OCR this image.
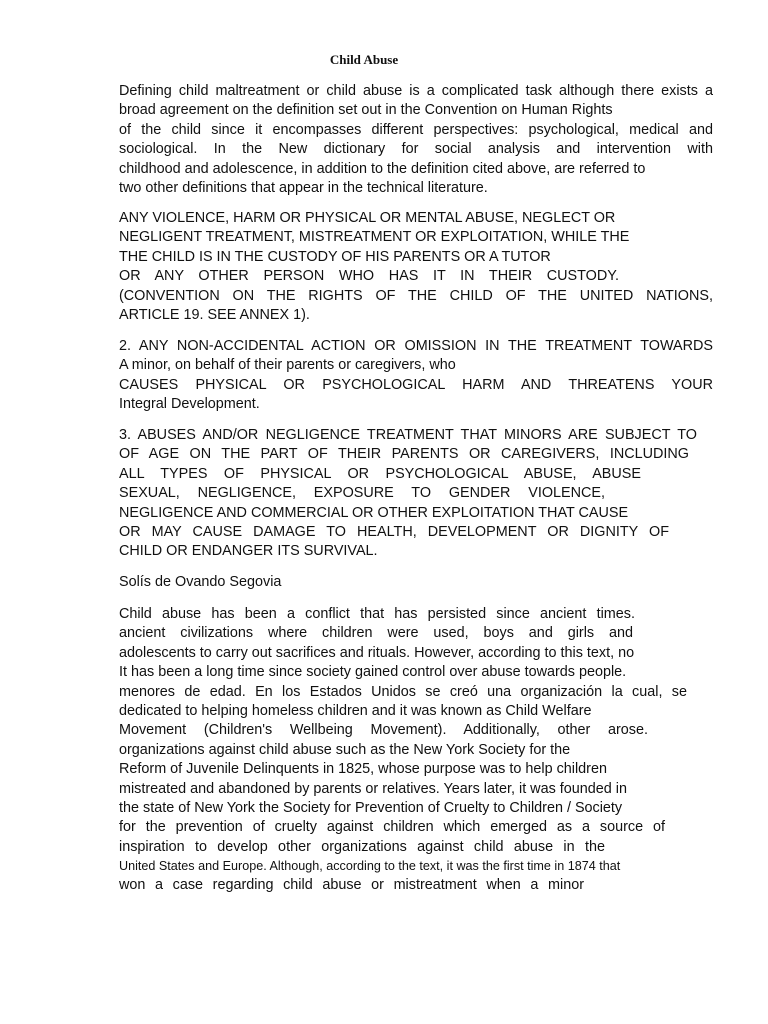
Child Abuse
Defining child maltreatment or child abuse is a complicated task although there exists a
broad agreement on the definition set out in the Convention on Human Rights
of the child since it encompasses different perspectives: psychological, medical and
sociological. In the New dictionary for social analysis and intervention with
childhood and adolescence, in addition to the definition cited above, are referred to
two other definitions that appear in the technical literature.
ANY VIOLENCE, HARM OR PHYSICAL OR MENTAL ABUSE, NEGLECT OR
NEGLIGENT TREATMENT, MISTREATMENT OR EXPLOITATION, WHILE THE
THE CHILD IS IN THE CUSTODY OF HIS PARENTS OR A TUTOR
OR ANY OTHER PERSON WHO HAS IT IN THEIR CUSTODY.
(CONVENTION ON THE RIGHTS OF THE CHILD OF THE UNITED NATIONS,
ARTICLE 19. SEE ANNEX 1).
2. ANY NON-ACCIDENTAL ACTION OR OMISSION IN THE TREATMENT TOWARDS
A minor, on behalf of their parents or caregivers, who
CAUSES PHYSICAL OR PSYCHOLOGICAL HARM AND THREATENS YOUR
Integral Development.
3. ABUSES AND/OR NEGLIGENCE TREATMENT THAT MINORS ARE SUBJECT TO
OF AGE ON THE PART OF THEIR PARENTS OR CAREGIVERS, INCLUDING
ALL TYPES OF PHYSICAL OR PSYCHOLOGICAL ABUSE, ABUSE
SEXUAL, NEGLIGENCE, EXPOSURE TO GENDER VIOLENCE,
NEGLIGENCE AND COMMERCIAL OR OTHER EXPLOITATION THAT CAUSE
OR MAY CAUSE DAMAGE TO HEALTH, DEVELOPMENT OR DIGNITY OF
CHILD OR ENDANGER ITS SURVIVAL.
Solís de Ovando Segovia
Child abuse has been a conflict that has persisted since ancient times.
ancient civilizations where children were used, boys and girls and
adolescents to carry out sacrifices and rituals. However, according to this text, no
It has been a long time since society gained control over abuse towards people.
menores de edad. En los Estados Unidos se creó una organización la cual, se
dedicated to helping homeless children and it was known as Child Welfare
Movement (Children's Wellbeing Movement). Additionally, other arose.
organizations against child abuse such as the New York Society for the
Reform of Juvenile Delinquents in 1825, whose purpose was to help children
mistreated and abandoned by parents or relatives. Years later, it was founded in
the state of New York the Society for Prevention of Cruelty to Children / Society
for the prevention of cruelty against children which emerged as a source of
inspiration to develop other organizations against child abuse in the
United States and Europe. Although, according to the text, it was the first time in 1874 that
won a case regarding child abuse or mistreatment when a minor
